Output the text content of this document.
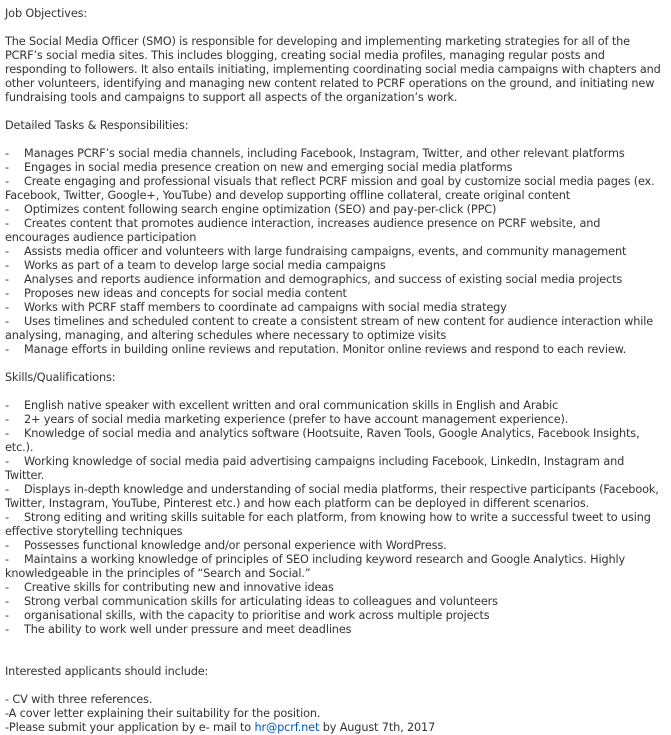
Job Objectives:
The Social Media Officer (SMO) is responsible for developing and implementing marketing strategies for all of the PCRF’s social media sites. This includes blogging, creating social media profiles, managing regular posts and responding to followers. It also entails initiating, implementing coordinating social media campaigns with chapters and other volunteers, identifying and managing new content related to PCRF operations on the ground, and initiating new fundraising tools and campaigns to support all aspects of the organization’s work.
Detailed Tasks & Responsibilities:
- Manages PCRF’s social media channels, including Facebook, Instagram, Twitter, and other relevant platforms
- Engages in social media presence creation on new and emerging social media platforms
- Create engaging and professional visuals that reflect PCRF mission and goal by customize social media pages (ex. Facebook, Twitter, Google+, YouTube) and develop supporting offline collateral, create original content
- Optimizes content following search engine optimization (SEO) and pay-per-click (PPC)
- Creates content that promotes audience interaction, increases audience presence on PCRF website, and encourages audience participation
- Assists media officer and volunteers with large fundraising campaigns, events, and community management
- Works as part of a team to develop large social media campaigns
- Analyses and reports audience information and demographics, and success of existing social media projects
- Proposes new ideas and concepts for social media content
- Works with PCRF staff members to coordinate ad campaigns with social media strategy
- Uses timelines and scheduled content to create a consistent stream of new content for audience interaction while analysing, managing, and altering schedules where necessary to optimize visits
- Manage efforts in building online reviews and reputation. Monitor online reviews and respond to each review.
Skills/Qualifications:
- English native speaker with excellent written and oral communication skills in English and Arabic
- 2+ years of social media marketing experience (prefer to have account management experience).
- Knowledge of social media and analytics software (Hootsuite, Raven Tools, Google Analytics, Facebook Insights, etc.).
- Working knowledge of social media paid advertising campaigns including Facebook, LinkedIn, Instagram and Twitter.
- Displays in-depth knowledge and understanding of social media platforms, their respective participants (Facebook, Twitter, Instagram, YouTube, Pinterest etc.) and how each platform can be deployed in different scenarios.
- Strong editing and writing skills suitable for each platform, from knowing how to write a successful tweet to using effective storytelling techniques
- Possesses functional knowledge and/or personal experience with WordPress.
- Maintains a working knowledge of principles of SEO including keyword research and Google Analytics. Highly knowledgeable in the principles of “Search and Social.”
- Creative skills for contributing new and innovative ideas
- Strong verbal communication skills for articulating ideas to colleagues and volunteers
- organisational skills, with the capacity to prioritise and work across multiple projects
- The ability to work well under pressure and meet deadlines
Interested applicants should include:
- CV with three references.
-A cover letter explaining their suitability for the position.
-Please submit your application by e- mail to hr@pcrf.net by August 7th, 2017
